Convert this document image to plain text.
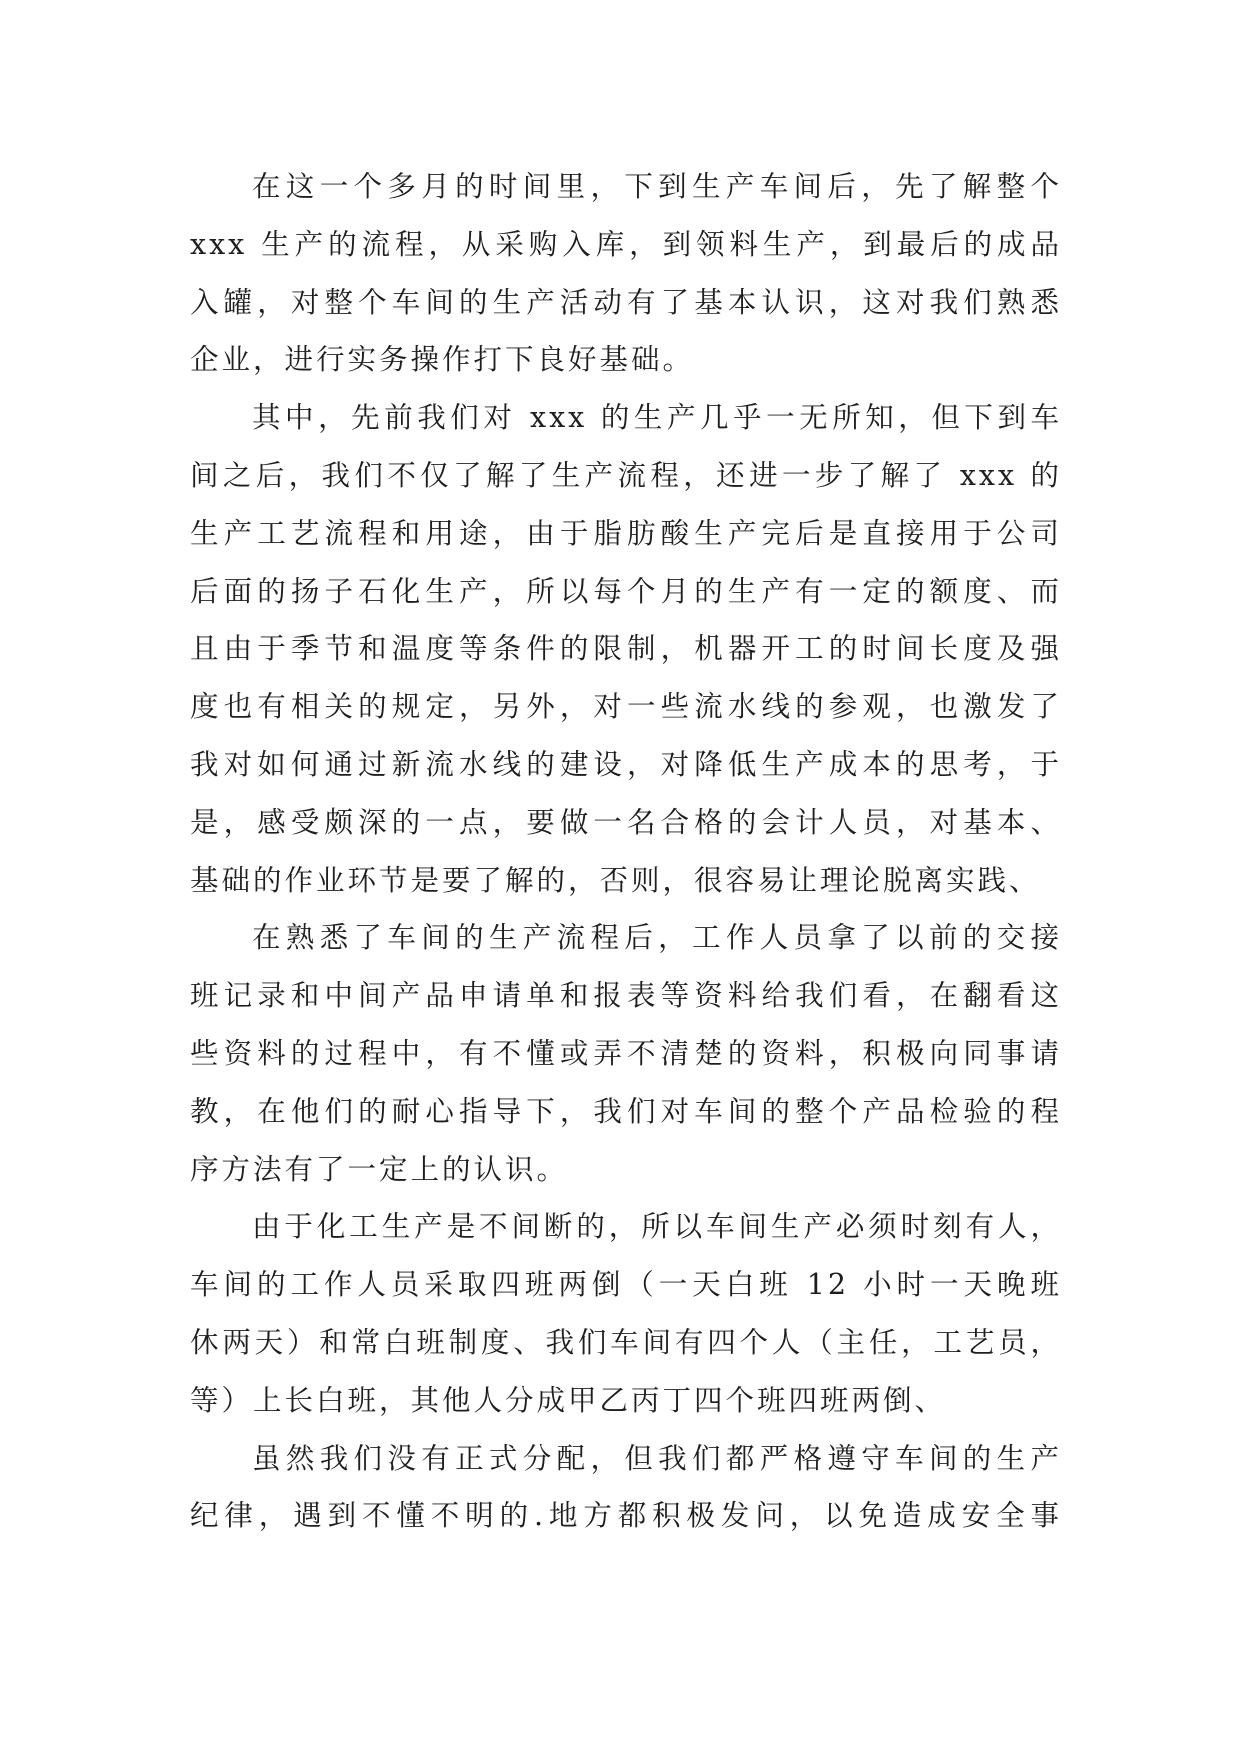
在这一个多月的时间里，下到生产车间后，先了解整个
xxx 生产的流程，从采购入库，到领料生产，到最后的成品
入罐，对整个车间的生产活动有了基本认识，这对我们熟悉
企业，进行实务操作打下良好基础。
其中，先前我们对 xxx 的生产几乎一无所知，但下到车
间之后，我们不仅了解了生产流程，还进一步了解了 xxx 的
生产工艺流程和用途，由于脂肪酸生产完后是直接用于公司
后面的扬子石化生产，所以每个月的生产有一定的额度、而
且由于季节和温度等条件的限制，机器开工的时间长度及强
度也有相关的规定，另外，对一些流水线的参观，也激发了
我对如何通过新流水线的建设，对降低生产成本的思考，于
是，感受颇深的一点，要做一名合格的会计人员，对基本、
基础的作业环节是要了解的，否则，很容易让理论脱离实践、
在熟悉了车间的生产流程后，工作人员拿了以前的交接
班记录和中间产品申请单和报表等资料给我们看，在翻看这
些资料的过程中，有不懂或弄不清楚的资料，积极向同事请
教，在他们的耐心指导下，我们对车间的整个产品检验的程
序方法有了一定上的认识。
由于化工生产是不间断的，所以车间生产必须时刻有人，
车间的工作人员采取四班两倒（一天白班 12 小时一天晚班
休两天）和常白班制度、我们车间有四个人（主任，工艺员，
等）上长白班，其他人分成甲乙丙丁四个班四班两倒、
虽然我们没有正式分配，但我们都严格遵守车间的生产
纪律，遇到不懂不明的.地方都积极发问，以免造成安全事
